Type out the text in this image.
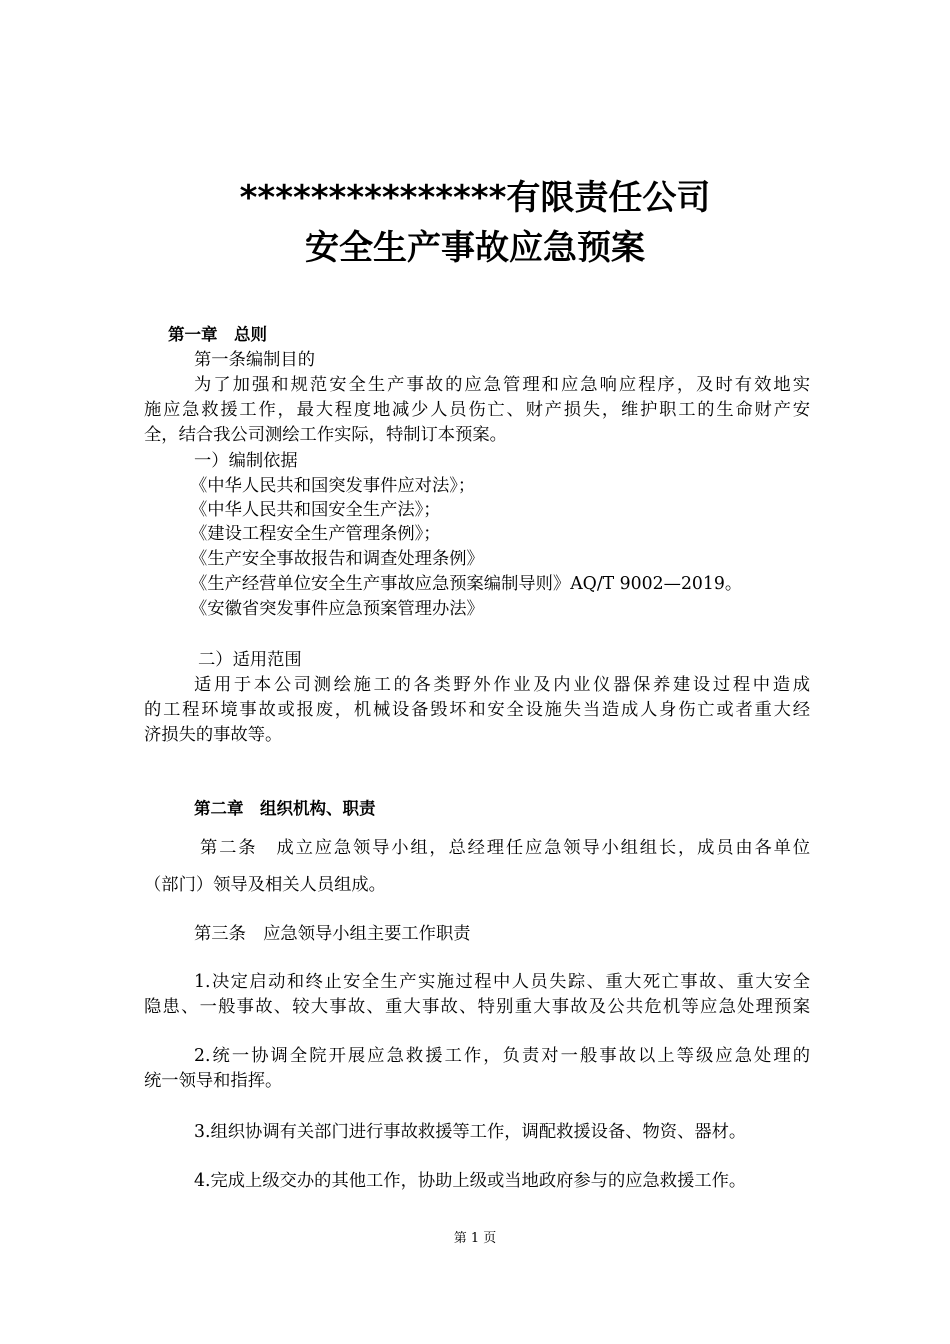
***************有限责任公司
安全生产事故应急预案

第一章　总则

第一条编制目的

为了加强和规范安全生产事故的应急管理和应急响应程序，及时有效地实

施应急救援工作，最大程度地减少人员伤亡、财产损失，维护职工的生命财产安

全，结合我公司测绘工作实际，特制订本预案。

一）编制依据

《中华人民共和国突发事件应对法》；

《中华人民共和国安全生产法》；

《建设工程安全生产管理条例》；

《生产安全事故报告和调查处理条例》

《生产经营单位安全生产事故应急预案编制导则》AQ/T 9002—2019。

《安徽省突发事件应急预案管理办法》

二）适用范围

适用于本公司测绘施工的各类野外作业及内业仪器保养建设过程中造成

的工程环境事故或报废，机械设备毁坏和安全设施失当造成人身伤亡或者重大经

济损失的事故等。

第二章　组织机构、职责

第二条　成立应急领导小组，总经理任应急领导小组组长，成员由各单位

（部门）领导及相关人员组成。

第三条　应急领导小组主要工作职责

1.决定启动和终止安全生产实施过程中人员失踪、重大死亡事故、重大安全

隐患、一般事故、较大事故、重大事故、特别重大事故及公共危机等应急处理预案

2.统一协调全院开展应急救援工作，负责对一般事故以上等级应急处理的

统一领导和指挥。

3.组织协调有关部门进行事故救援等工作，调配救援设备、物资、器材。

4.完成上级交办的其他工作，协助上级或当地政府参与的应急救援工作。

第 1 页
